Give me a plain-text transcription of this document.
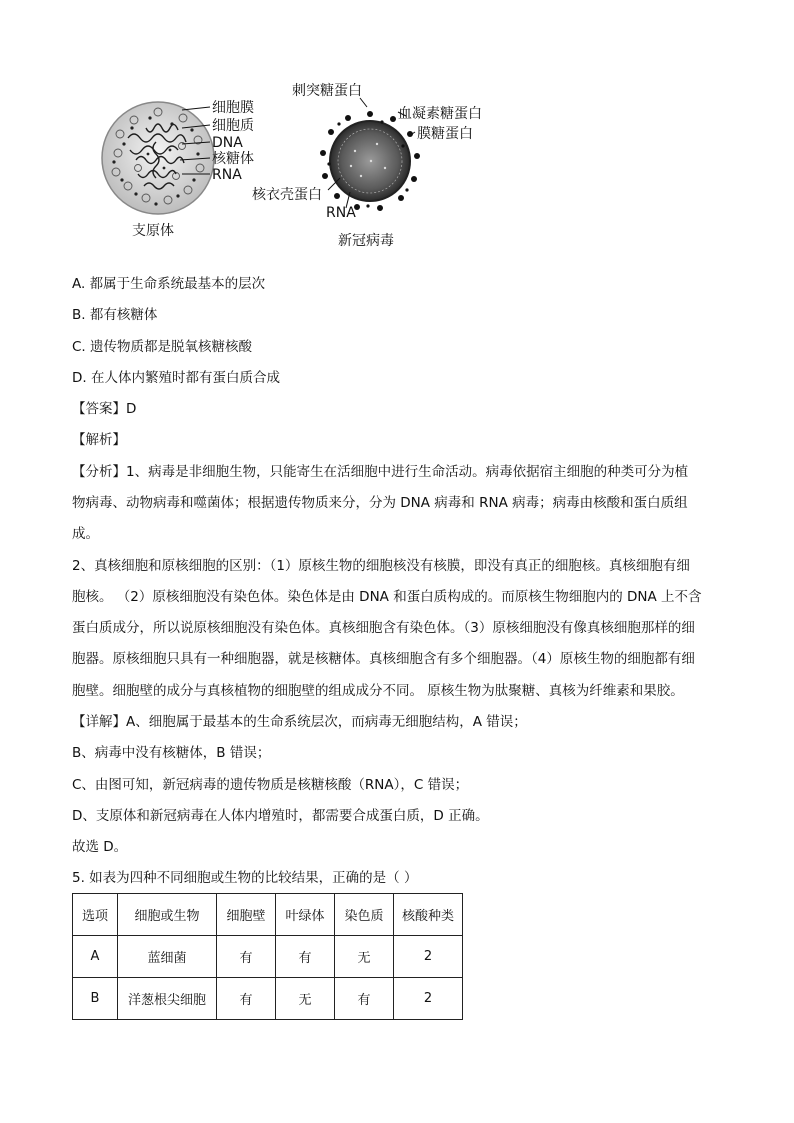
细胞膜
细胞质
DNA
核糖体
RNA
支原体
刺突糖蛋白
血凝素糖蛋白
膜糖蛋白
核衣壳蛋白
RNA
新冠病毒
A. 都属于生命系统最基本的层次
B. 都有核糖体
C. 遗传物质都是脱氧核糖核酸
D. 在人体内繁殖时都有蛋白质合成
【答案】D
【解析】
【分析】1、病毒是非细胞生物，只能寄生在活细胞中进行生命活动。病毒依据宿主细胞的种类可分为植
物病毒、动物病毒和噬菌体；根据遗传物质来分，分为 DNA 病毒和 RNA 病毒；病毒由核酸和蛋白质组
成。
2、真核细胞和原核细胞的区别：（1）原核生物的细胞核没有核膜，即没有真正的细胞核。真核细胞有细
胞核。 （2）原核细胞没有染色体。染色体是由 DNA 和蛋白质构成的。而原核生物细胞内的 DNA 上不含
蛋白质成分，所以说原核细胞没有染色体。真核细胞含有染色体。（3）原核细胞没有像真核细胞那样的细
胞器。原核细胞只具有一种细胞器，就是核糖体。真核细胞含有多个细胞器。（4）原核生物的细胞都有细
胞壁。细胞壁的成分与真核植物的细胞壁的组成成分不同。 原核生物为肽聚糖、真核为纤维素和果胶。
【详解】A、细胞属于最基本的生命系统层次，而病毒无细胞结构，A 错误；
B、病毒中没有核糖体，B 错误；
C、由图可知，新冠病毒的遗传物质是核糖核酸（RNA），C 错误；
D、支原体和新冠病毒在人体内增殖时，都需要合成蛋白质，D 正确。
故选 D。
5. 如表为四种不同细胞或生物的比较结果，正确的是（ ）
选项	细胞或生物	细胞壁	叶绿体	染色质	核酸种类
A	蓝细菌	有	有	无	2
B	洋葱根尖细胞	有	无	有	2
